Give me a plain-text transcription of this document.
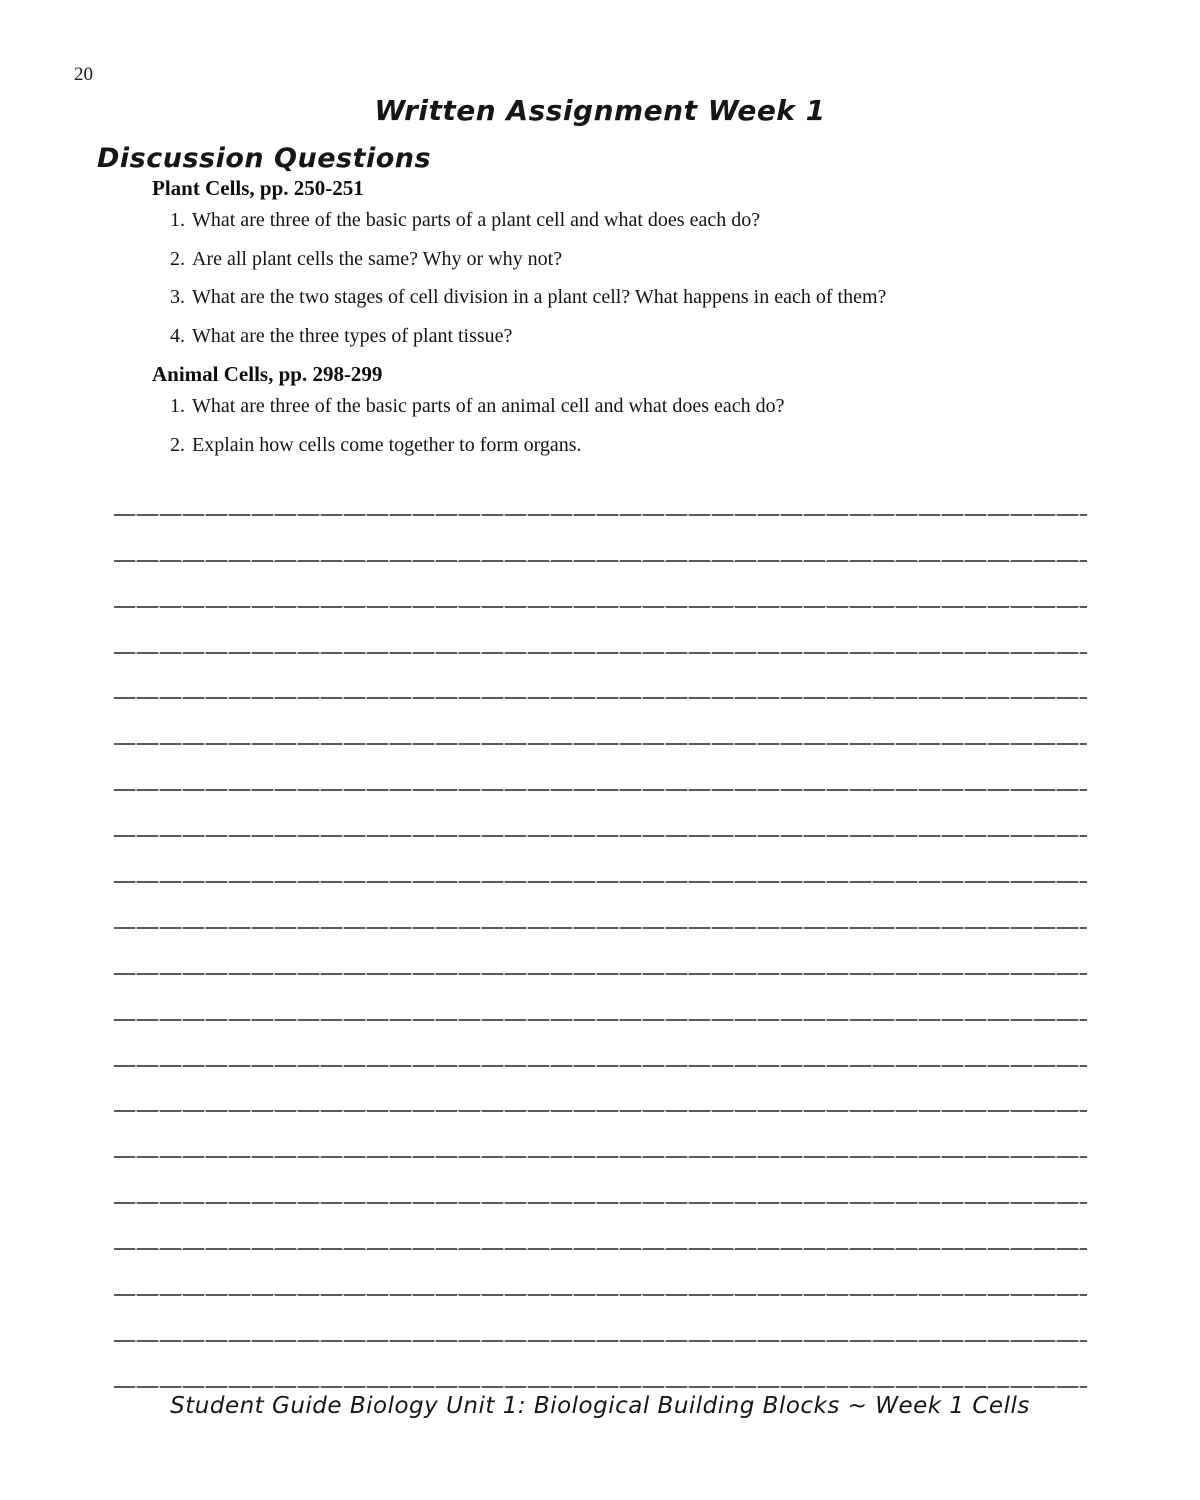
20
Written Assignment Week 1
Discussion Questions
Plant Cells, pp. 250-251
1. What are three of the basic parts of a plant cell and what does each do?
2. Are all plant cells the same? Why or why not?
3. What are the two stages of cell division in a plant cell? What happens in each of them?
4. What are the three types of plant tissue?
Animal Cells, pp. 298-299
1. What are three of the basic parts of an animal cell and what does each do?
2. Explain how cells come together to form organs.
Student Guide Biology Unit 1: Biological Building Blocks ~ Week 1 Cells
